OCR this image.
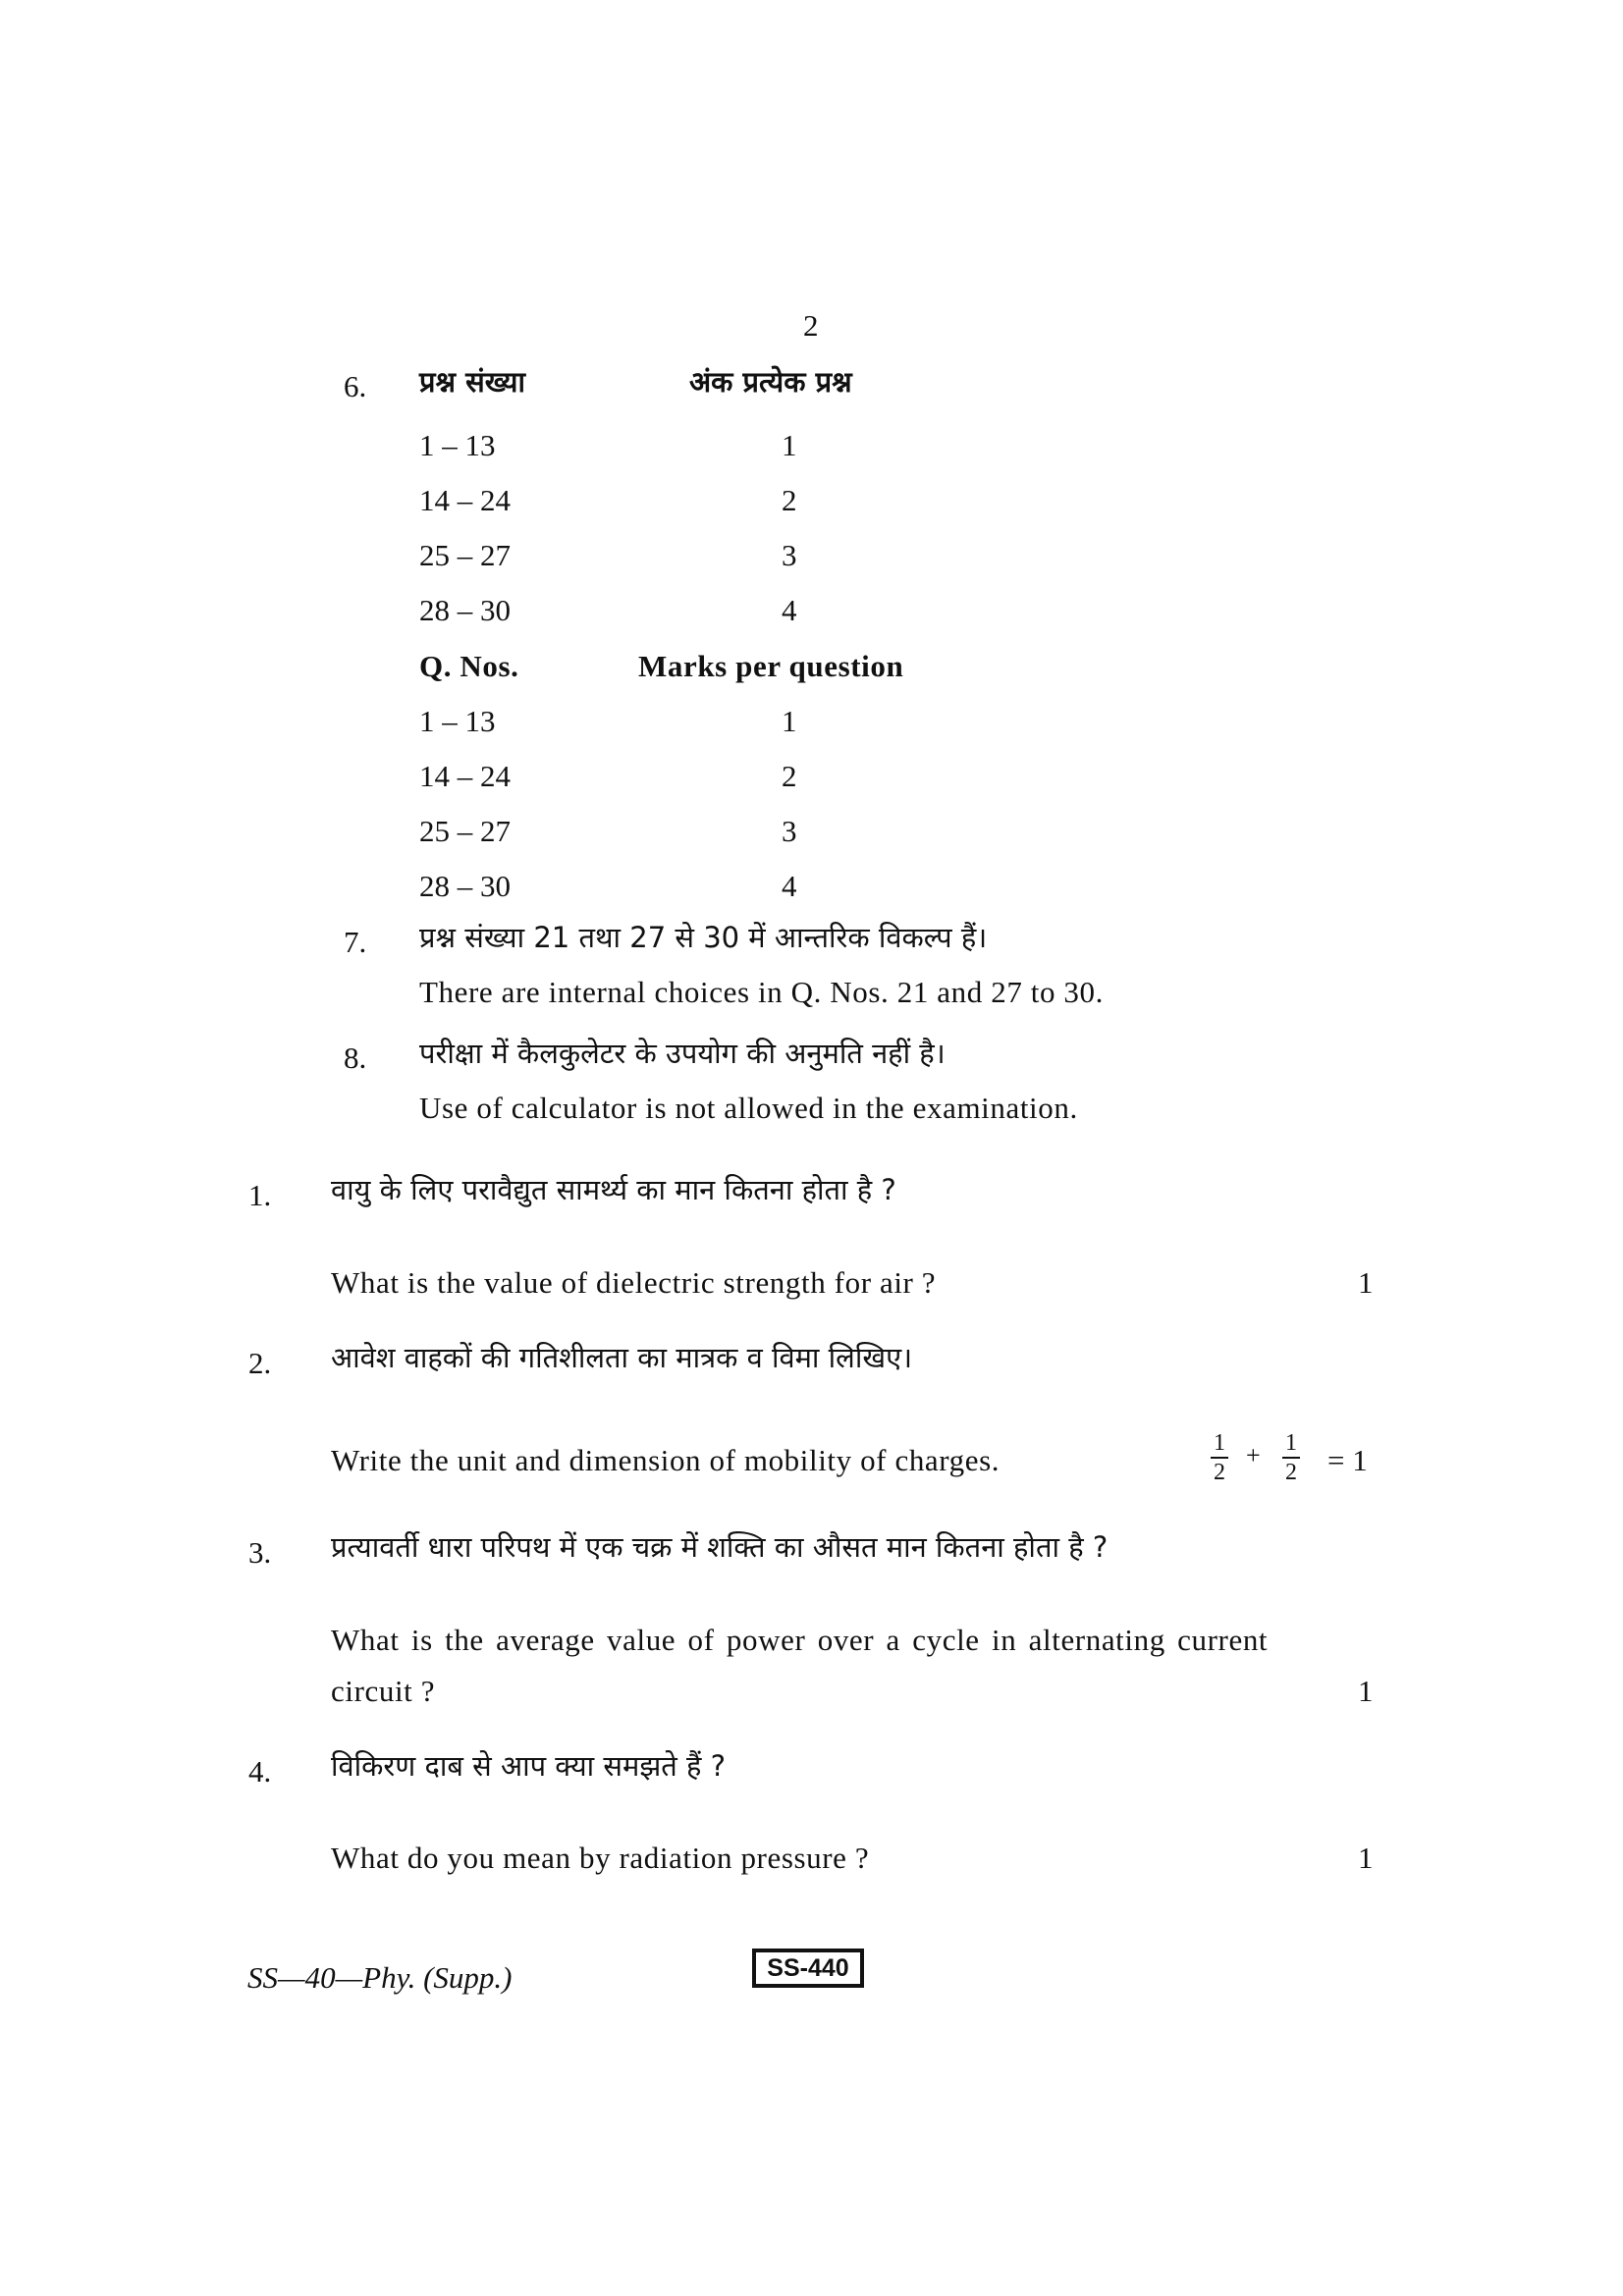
2
6. प्रश्न संख्या	अंक प्रत्येक प्रश्न
1 – 13	1
14 – 24	2
25 – 27	3
28 – 30	4
Q. Nos.	Marks per question
1 – 13	1
14 – 24	2
25 – 27	3
28 – 30	4
7. प्रश्न संख्या 21 तथा 27 से 30 में आन्तरिक विकल्प हैं।
There are internal choices in Q. Nos. 21 and 27 to 30.
8. परीक्षा में कैलकुलेटर के उपयोग की अनुमति नहीं है।
Use of calculator is not allowed in the examination.
1. वायु के लिए परावैद्युत सामर्थ्य का मान कितना होता है ?
What is the value of dielectric strength for air ?	1
2. आवेश वाहकों की गतिशीलता का मात्रक व विमा लिखिए।
Write the unit and dimension of mobility of charges.	1
2
+ 1
2 = 1
3. प्रत्यावर्ती धारा परिपथ में एक चक्र में शक्ति का औसत मान कितना होता है ?
What is the average value of power over a cycle in alternating current
circuit ?	1
4. विकिरण दाब से आप क्या समझते हैं ?
What do you mean by radiation pressure ?	1
SS—40—Phy. (Supp.)	SS-440
